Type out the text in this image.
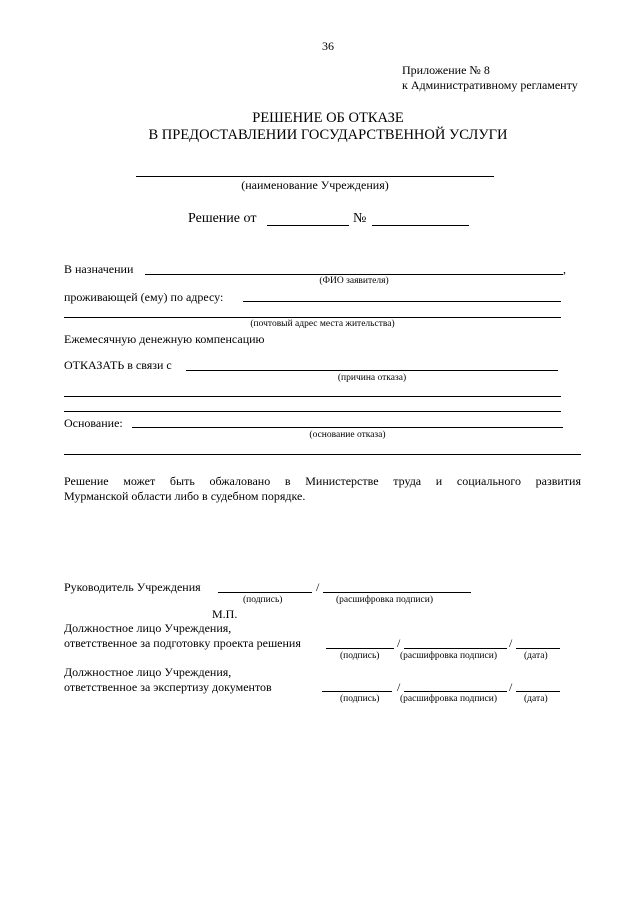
36
Приложение № 8
к Административному регламенту
РЕШЕНИЕ ОБ ОТКАЗЕ
В ПРЕДОСТАВЛЕНИИ ГОСУДАРСТВЕННОЙ УСЛУГИ
(наименование Учреждения)
Решение от	№
В назначении	,
(ФИО заявителя)
проживающей (ему) по адресу:
(почтовый адрес места жительства)
Ежемесячную денежную компенсацию
ОТКАЗАТЬ в связи с
(причина отказа)
Основание:
(основание отказа)
Решение может быть обжаловано в Министерстве труда и социального развития
Мурманской области либо в судебном порядке.
Руководитель Учреждения	/
(подпись)	(расшифровка подписи)
М.П.
Должностное лицо Учреждения,
ответственное за подготовку проекта решения	/	/
(подпись) (расшифровка подписи)	(дата)
Должностное лицо Учреждения,
ответственное за экспертизу документов	/	/
(подпись) (расшифровка подписи)	(дата)
